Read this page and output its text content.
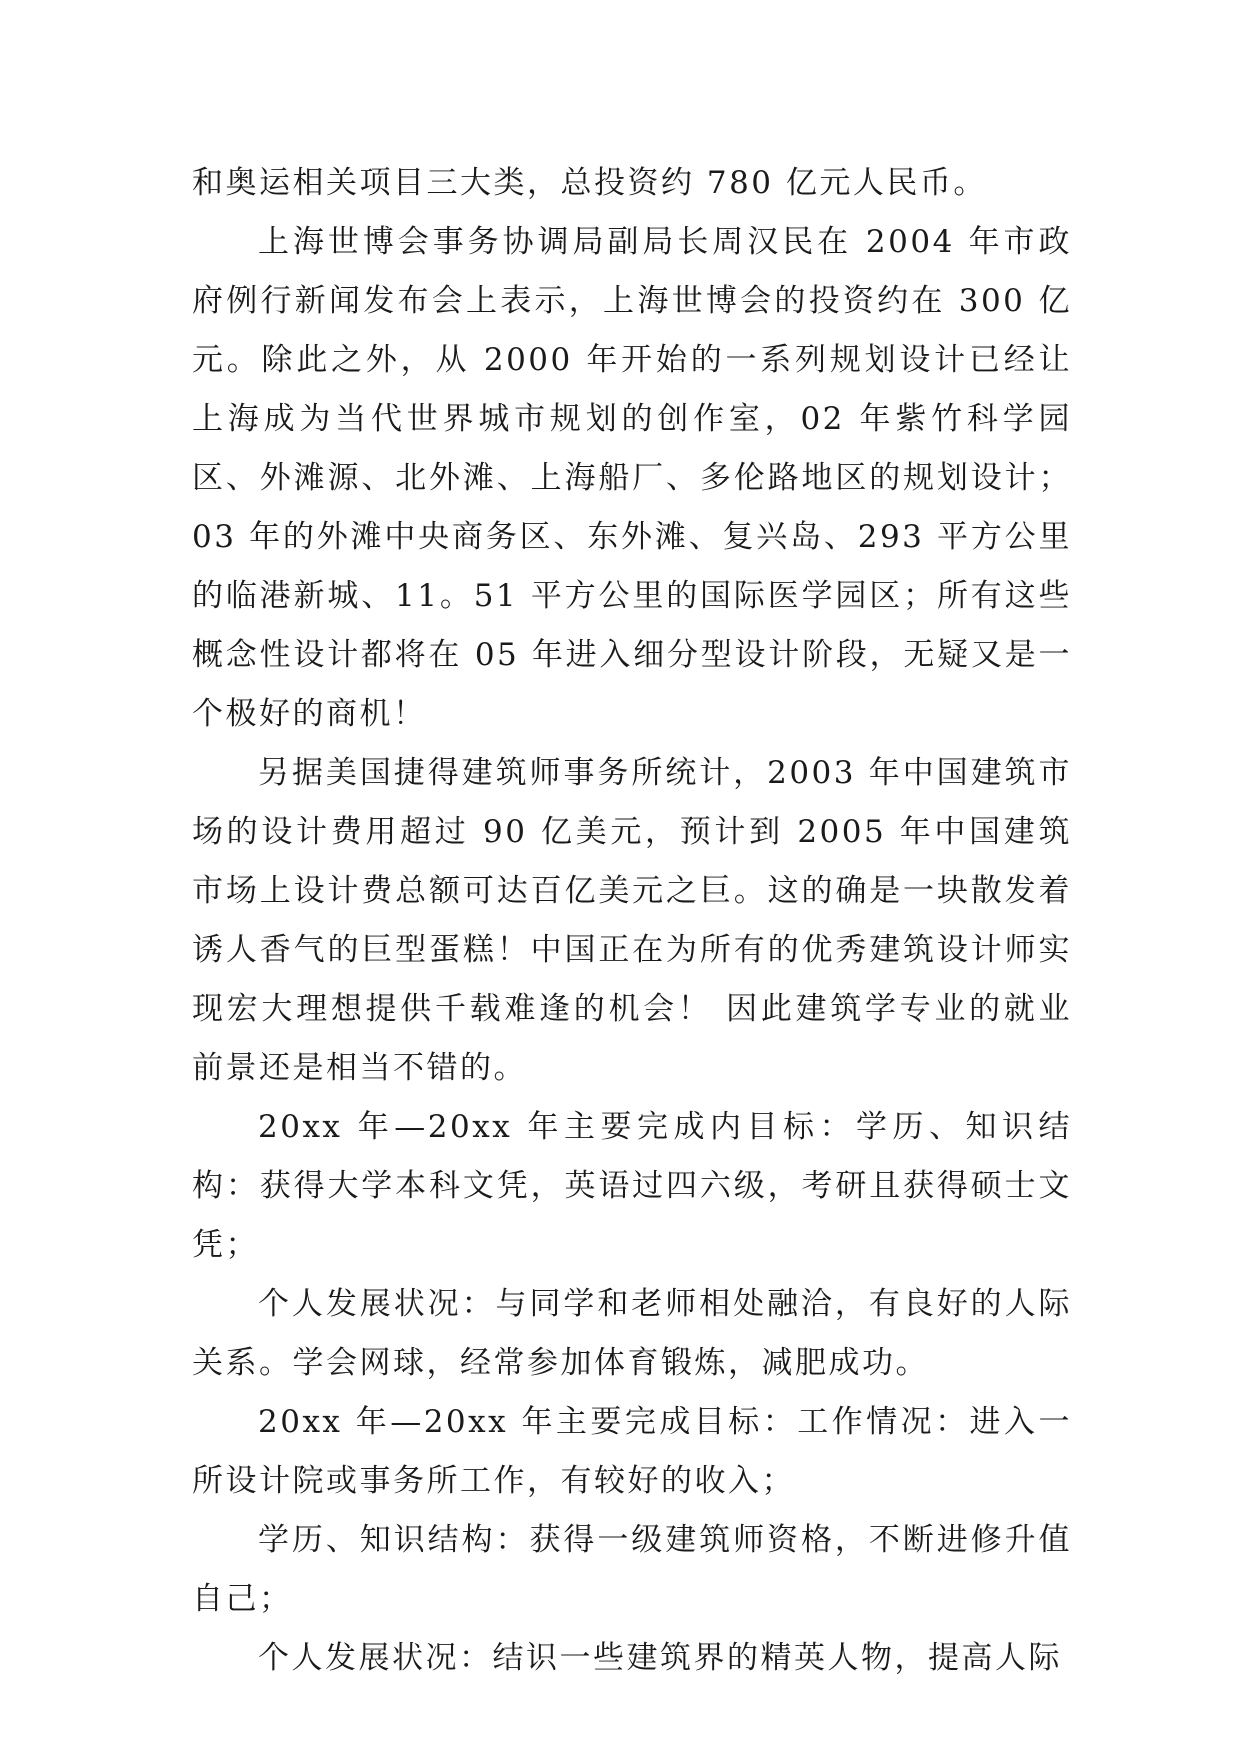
和奥运相关项目三大类，总投资约 780 亿元人民币。

上海世博会事务协调局副局长周汉民在 2004 年市政府例行新闻发布会上表示，上海世博会的投资约在 300 亿元。除此之外，从 2000 年开始的一系列规划设计已经让上海成为当代世界城市规划的创作室，02 年紫竹科学园区、外滩源、北外滩、上海船厂、多伦路地区的规划设计；03 年的外滩中央商务区、东外滩、复兴岛、293 平方公里的临港新城、11。51 平方公里的国际医学园区；所有这些概念性设计都将在 05 年进入细分型设计阶段，无疑又是一个极好的商机！

另据美国捷得建筑师事务所统计，2003 年中国建筑市场的设计费用超过 90 亿美元，预计到 2005 年中国建筑市场上设计费总额可达百亿美元之巨。这的确是一块散发着诱人香气的巨型蛋糕！中国正在为所有的优秀建筑设计师实现宏大理想提供千载难逢的机会！ 因此建筑学专业的就业前景还是相当不错的。

20xx 年—20xx 年主要完成内目标：学历、知识结构：获得大学本科文凭，英语过四六级，考研且获得硕士文凭；

个人发展状况：与同学和老师相处融洽，有良好的人际关系。学会网球，经常参加体育锻炼，减肥成功。

20xx 年—20xx 年主要完成目标：工作情况：进入一所设计院或事务所工作，有较好的收入；

学历、知识结构：获得一级建筑师资格，不断进修升值自己；

个人发展状况：结识一些建筑界的精英人物，提高人际
